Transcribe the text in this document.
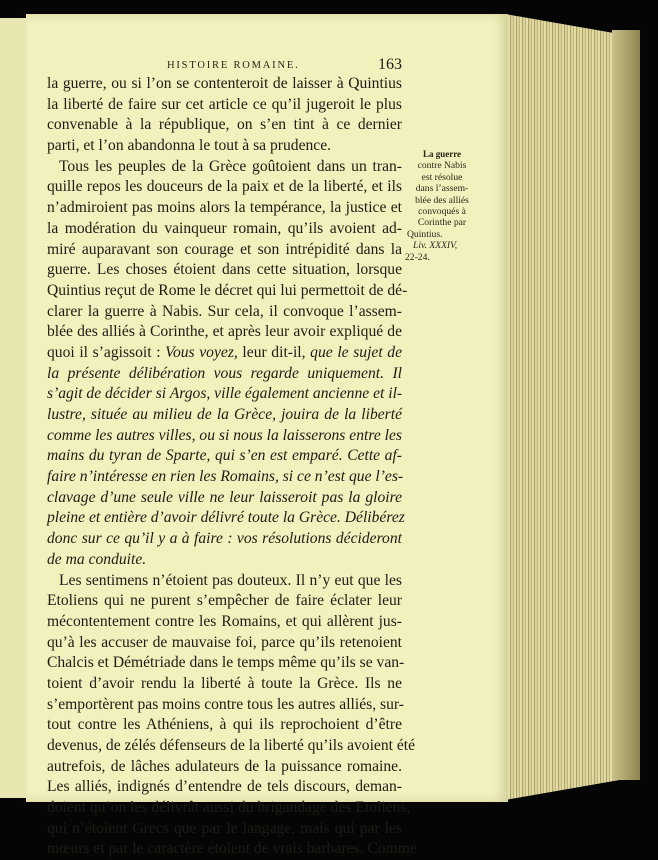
HISTOIRE ROMAINE.	163
la guerre, ou si l’on se contenteroit de laisser à Quintius
la liberté de faire sur cet article ce qu’il jugeroit le plus
convenable à la république, on s’en tint à ce dernier
parti, et l’on abandonna le tout à sa prudence.
Tous les peuples de la Grèce goûtoient dans un tran-
quille repos les douceurs de la paix et de la liberté, et ils
n’admiroient pas moins alors la tempérance, la justice et
la modération du vainqueur romain, qu’ils avoient ad-
miré auparavant son courage et son intrépidité dans la
guerre. Les choses étoient dans cette situation, lorsque
Quintius reçut de Rome le décret qui lui permettoit de dé-
clarer la guerre à Nabis. Sur cela, il convoque l’assem-
blée des alliés à Corinthe, et après leur avoir expliqué de
quoi il s’agissoit : Vous voyez, leur dit-il, que le sujet de
la présente délibération vous regarde uniquement. Il
s’agit de décider si Argos, ville également ancienne et il-
lustre, située au milieu de la Grèce, jouira de la liberté
comme les autres villes, ou si nous la laisserons entre les
mains du tyran de Sparte, qui s’en est emparé. Cette af-
faire n’intéresse en rien les Romains, si ce n’est que l’es-
clavage d’une seule ville ne leur laisseroit pas la gloire
pleine et entière d’avoir délivré toute la Grèce. Délibérez
donc sur ce qu’il y a à faire : vos résolutions décideront
de ma conduite.
Les sentimens n’étoient pas douteux. Il n’y eut que les
Etoliens qui ne purent s’empêcher de faire éclater leur
mécontentement contre les Romains, et qui allèrent jus-
qu’à les accuser de mauvaise foi, parce qu’ils retenoient
Chalcis et Démétriade dans le temps même qu’ils se van-
toient d’avoir rendu la liberté à toute la Grèce. Ils ne
s’emportèrent pas moins contre tous les autres alliés, sur-
tout contre les Athéniens, à qui ils reprochoient d’être
devenus, de zélés défenseurs de la liberté qu’ils avoient été
autrefois, de lâches adulateurs de la puissance romaine.
Les alliés, indignés d’entendre de tels discours, deman-
doient qu’on les délivrât aussi du brigandage des Etoliens,
qui n’étoient Grecs que par le langage, mais qui par les
mœurs et par le caractère étoient de vrais barbares. Comme
La guerre
contre Nabis
est résolue
dans l’assem-
blée des alliés
convoqués à
Corinthe par
Quintius.
Liv. XXXIV,
22-24.
